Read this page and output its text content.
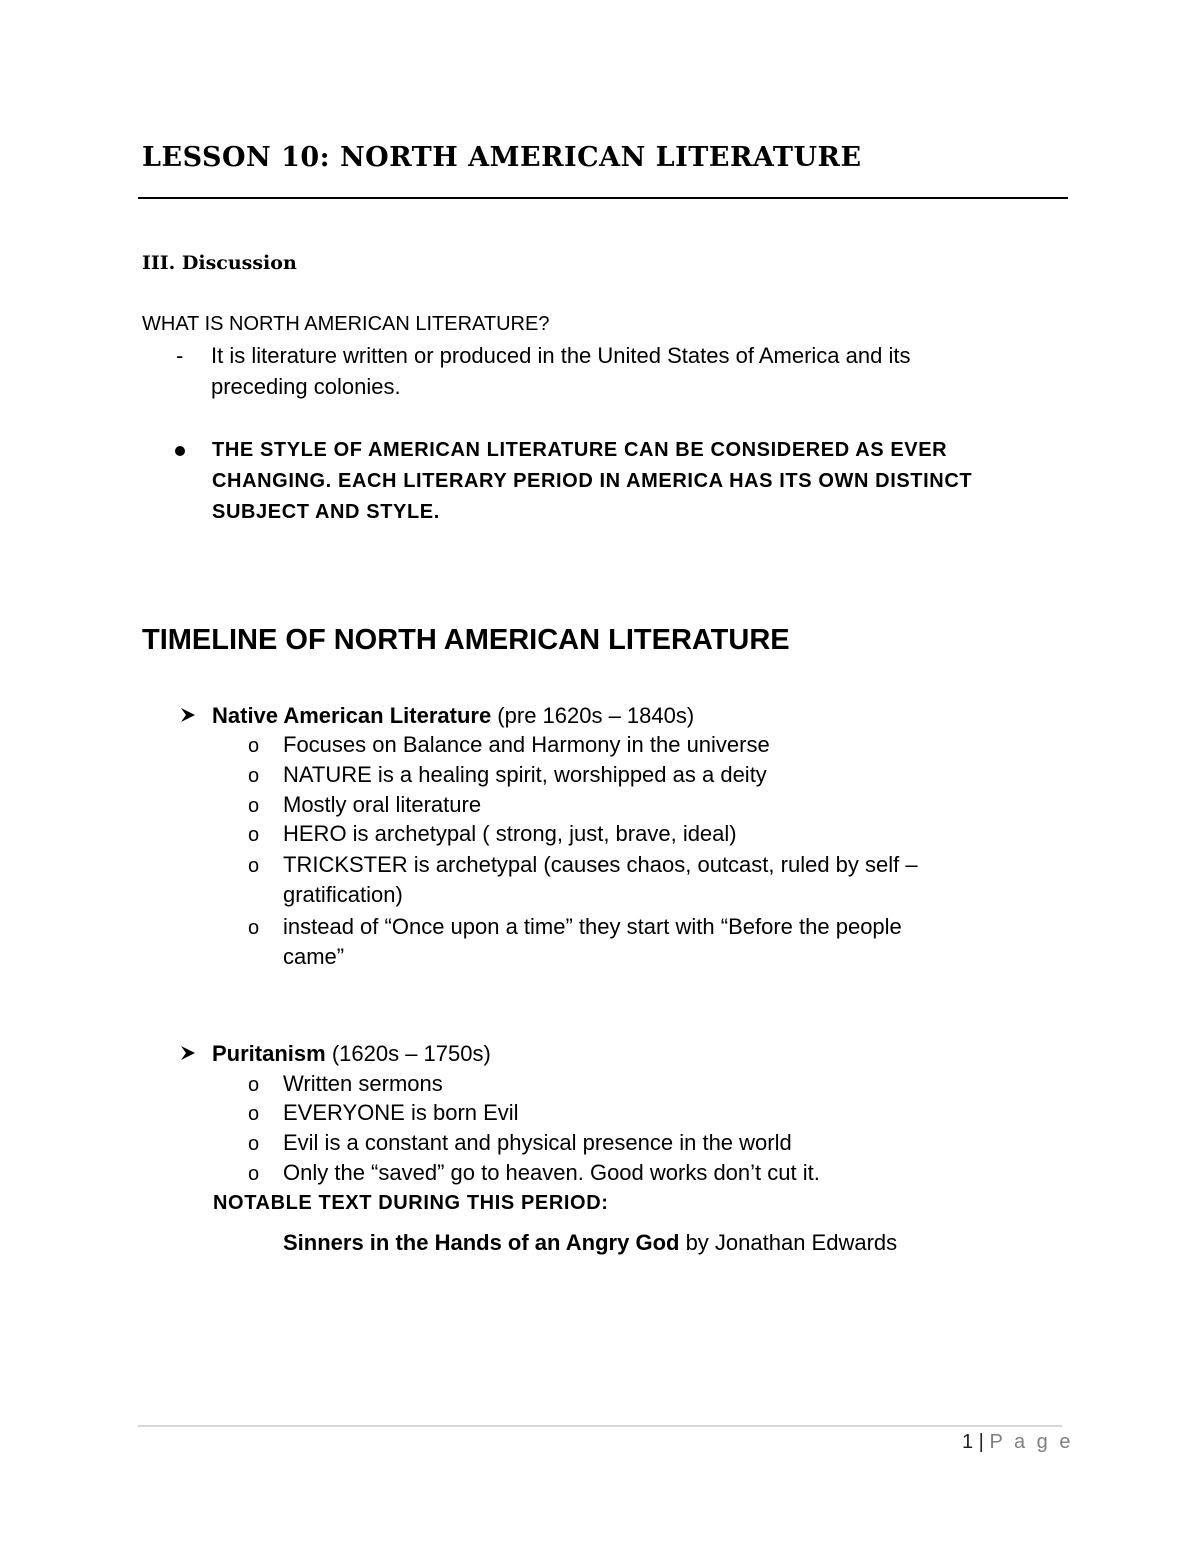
LESSON 10: NORTH AMERICAN LITERATURE
III. Discussion
WHAT IS NORTH AMERICAN LITERATURE?
- It is literature written or produced in the United States of America and its
preceding colonies.
THE STYLE OF AMERICAN LITERATURE CAN BE CONSIDERED AS EVER
CHANGING. EACH LITERARY PERIOD IN AMERICA HAS ITS OWN DISTINCT
SUBJECT AND STYLE.
TIMELINE OF NORTH AMERICAN LITERATURE
Native American Literature (pre 1620s – 1840s)
o Focuses on Balance and Harmony in the universe
o NATURE is a healing spirit, worshipped as a deity
o Mostly oral literature
o HERO is archetypal ( strong, just, brave, ideal)
o TRICKSTER is archetypal (causes chaos, outcast, ruled by self –
gratification)
o instead of “Once upon a time” they start with “Before the people
came”
Puritanism (1620s – 1750s)
o Written sermons
o EVERYONE is born Evil
o Evil is a constant and physical presence in the world
o Only the “saved” go to heaven. Good works don’t cut it.
NOTABLE TEXT DURING THIS PERIOD:
Sinners in the Hands of an Angry God by Jonathan Edwards
1 | P a g e
